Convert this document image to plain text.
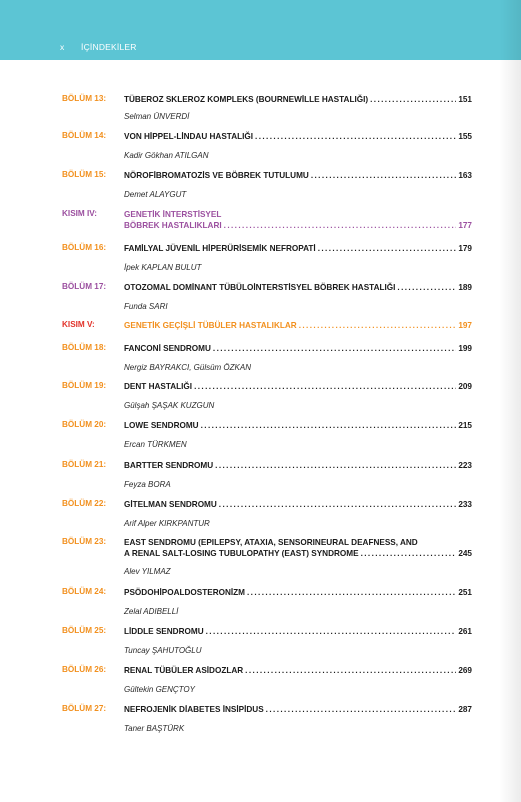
x İÇİNDEKİLER
BÖLÜM 13:	TÜBEROZ SKLEROZ KOMPLEKS (BOURNEWİLLE HASTALIĞI) .....	151
Selman ÜNVERDİ
BÖLÜM 14:	VON HİPPEL-LİNDAU HASTALIĞI .....	155
Kadir Gökhan ATILGAN
BÖLÜM 15:	NÖROFİBROMATOZİS VE BÖBREK TUTULUMU .....	163
Demet ALAYGUT
KISIM IV:	GENETİK İNTERSTİSYEL
BÖBREK HASTALIKLARI .....	177
BÖLÜM 16:	FAMİLYAL JÜVENİL HİPERÜRİSEMİK NEFROPATİ .....	179
İpek KAPLAN BULUT
BÖLÜM 17:	OTOZOMAL DOMİNANT TÜBÜLOİNTERSTİSYEL BÖBREK HASTALIĞI .....	189
Funda SARI
KISIM V:	GENETİK GEÇİŞLİ TÜBÜLER HASTALIKLAR .....	197
BÖLÜM 18:	FANCONİ SENDROMU .....	199
Nergiz BAYRAKCI, Gülsüm ÖZKAN
BÖLÜM 19:	DENT HASTALIĞI .....	209
Gülşah ŞAŞAK KUZGUN
BÖLÜM 20:	LOWE SENDROMU .....	215
Ercan TÜRKMEN
BÖLÜM 21:	BARTTER SENDROMU .....	223
Feyza BORA
BÖLÜM 22:	GİTELMAN SENDROMU .....	233
Arif Alper KIRKPANTUR
BÖLÜM 23:	EAST SENDROMU (EPILEPSY, ATAXIA, SENSORINEURAL DEAFNESS, AND
A RENAL SALT-LOSING TUBULOPATHY (EAST) SYNDROME .....	245
Alev YILMAZ
BÖLÜM 24:	PSÖDOHİPOALDOSTERONİZM .....	251
Zelal ADIBELLİ
BÖLÜM 25:	LİDDLE SENDROMU .....	261
Tuncay ŞAHUTOĞLU
BÖLÜM 26:	RENAL TÜBÜLER ASİDOZLAR .....	269
Gültekin GENÇTOY
BÖLÜM 27:	NEFROJENİK DİABETES İNSİPİDUS .....	287
Taner BAŞTÜRK
